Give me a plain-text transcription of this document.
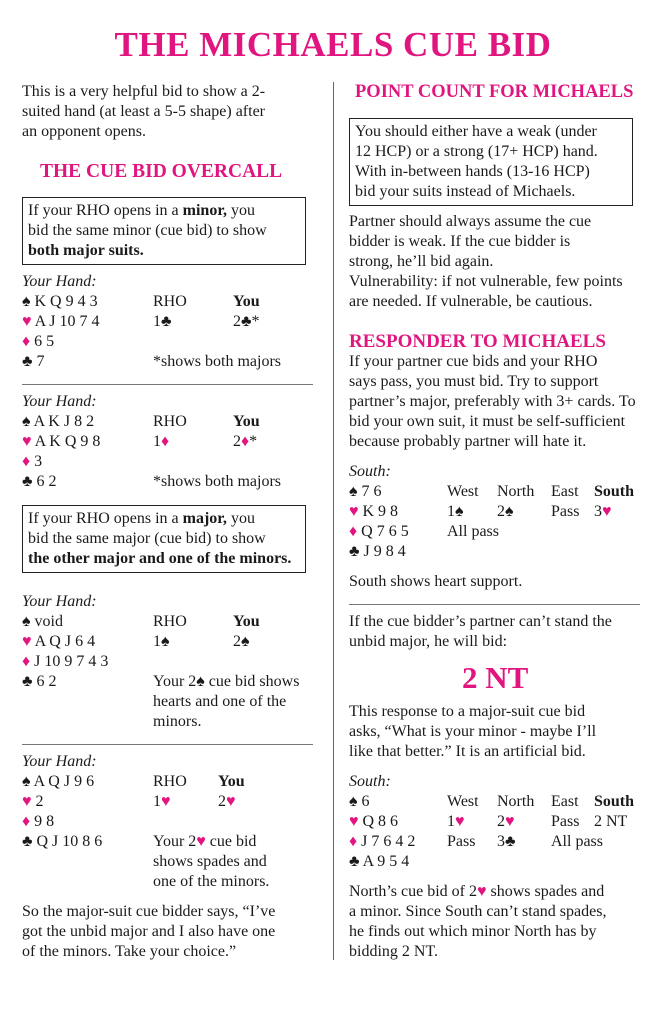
THE MICHAELS CUE BID
This is a very helpful bid to show a 2-
suited hand (at least a 5-5 shape) after
an opponent opens.
THE CUE BID OVERCALL
If your RHO opens in a minor, you
bid the same minor (cue bid) to show
both major suits.
Your Hand:
♠ K Q 9 4 3
♥ A J 10 7 4
♦ 6 5
♣ 7
RHO	You
1♣	2♣*
*shows both majors
Your Hand:
♠ A K J 8 2
♥ A K Q 9 8
♦ 3
♣ 6 2
RHO	You
1♦	2♦*
*shows both majors
If your RHO opens in a major, you
bid the same major (cue bid) to show
the other major and one of the minors.
Your Hand:
♠ void
♥ A Q J 6 4
♦ J 10 9 7 4 3
♣ 6 2
RHO	You
1♠	2♠
Your 2♠ cue bid shows
hearts and one of the
minors.
Your Hand:
♠ A Q J 9 6
♥ 2
♦ 9 8
♣ Q J 10 8 6
RHO You
1♥	2♥
Your 2♥ cue bid
shows spades and
one of the minors.
So the major-suit cue bidder says, “I’ve
got the unbid major and I also have one
of the minors. Take your choice.”
POINT COUNT FOR MICHAELS
You should either have a weak (under
12 HCP) or a strong (17+ HCP) hand.
With in-between hands (13-16 HCP)
bid your suits instead of Michaels.
Partner should always assume the cue
bidder is weak. If the cue bidder is
strong, he’ll bid again.
Vulnerability: if not vulnerable, few points
are needed. If vulnerable, be cautious.
RESPONDER TO MICHAELS
If your partner cue bids and your RHO
says pass, you must bid. Try to support
partner’s major, preferably with 3+ cards. To
bid your own suit, it must be self-sufficient
because probably partner will hate it.
South:
♠ 7 6
♥ K 9 8
♦ Q 7 6 5
♣ J 9 8 4
West North East South
1♠ 2♠ Pass 3♥
All pass
South shows heart support.
If the cue bidder’s partner can’t stand the
unbid major, he will bid:
2 NT
This response to a major-suit cue bid
asks, “What is your minor - maybe I’ll
like that better.” It is an artificial bid.
South:
♠ 6
♥ Q 8 6
♦ J 7 6 4 2
♣ A 9 5 4
West North East South
1♥ 2♥ Pass 2 NT
Pass 3♣ All pass
North’s cue bid of 2♥ shows spades and
a minor. Since South can’t stand spades,
he finds out which minor North has by
bidding 2 NT.
